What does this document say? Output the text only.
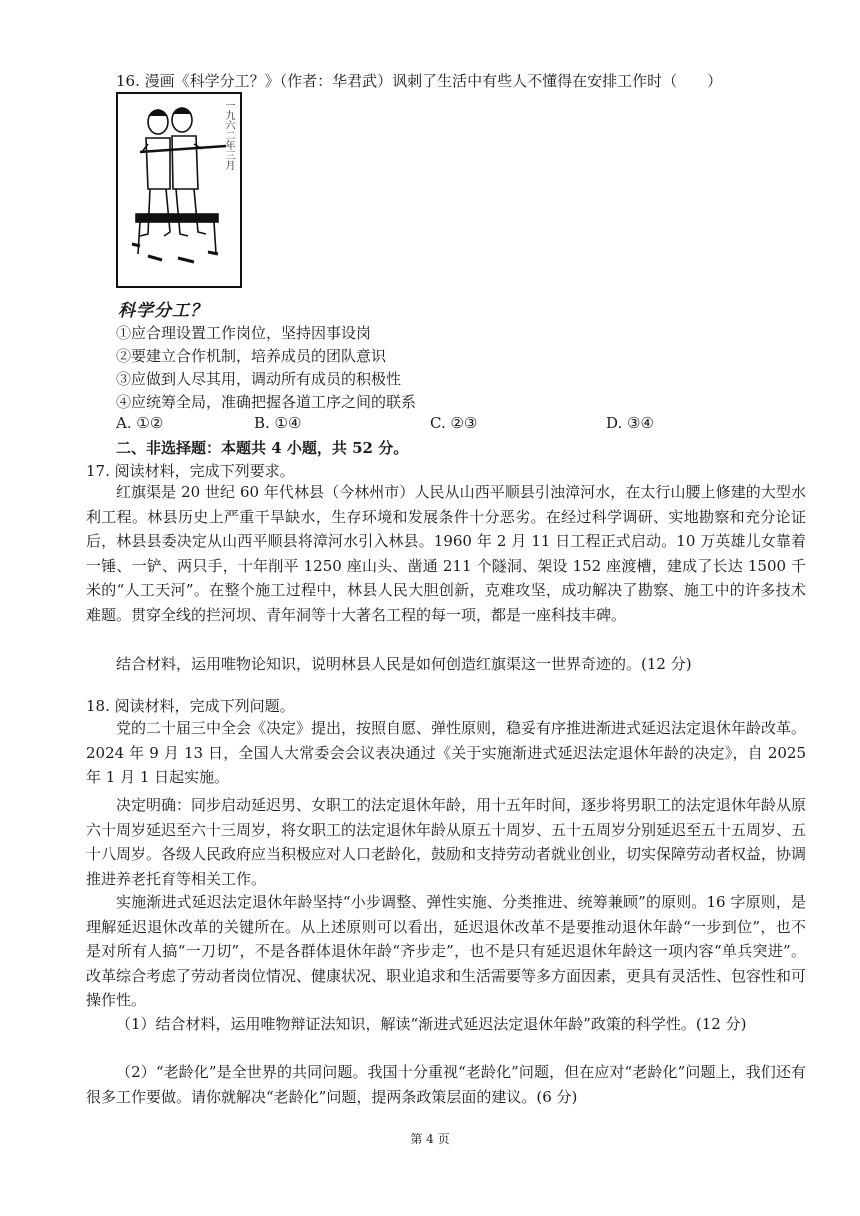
16. 漫画《科学分工？》（作者：华君武）讽刺了生活中有些人不懂得在安排工作时（　　）
一九六二年三月
科学分工？
①应合理设置工作岗位，坚持因事设岗
②要建立合作机制，培养成员的团队意识
③应做到人尽其用，调动所有成员的积极性
④应统筹全局，准确把握各道工序之间的联系
A. ①②	B. ①④	C. ②③	D. ③④
二、非选择题：本题共 4 小题，共 52 分。
17. 阅读材料，完成下列要求。
红旗渠是 20 世纪 60 年代林县（今林州市）人民从山西平顺县引浊漳河水，在太行山腰上修建的大型水利工程。林县历史上严重干旱缺水，生存环境和发展条件十分恶劣。在经过科学调研、实地勘察和充分论证后，林县县委决定从山西平顺县将漳河水引入林县。1960 年 2 月 11 日工程正式启动。10 万英雄儿女靠着一锤、一铲、两只手，十年削平 1250 座山头、凿通 211 个隧洞、架设 152 座渡槽，建成了长达 1500 千米的“人工天河”。在整个施工过程中，林县人民大胆创新，克难攻坚，成功解决了勘察、施工中的许多技术难题。贯穿全线的拦河坝、青年洞等十大著名工程的每一项，都是一座科技丰碑。
结合材料，运用唯物论知识，说明林县人民是如何创造红旗渠这一世界奇迹的。(12 分)
18. 阅读材料，完成下列问题。
党的二十届三中全会《决定》提出，按照自愿、弹性原则，稳妥有序推进渐进式延迟法定退休年龄改革。2024 年 9 月 13 日，全国人大常委会会议表决通过《关于实施渐进式延迟法定退休年龄的决定》，自 2025 年 1 月 1 日起实施。
决定明确：同步启动延迟男、女职工的法定退休年龄，用十五年时间，逐步将男职工的法定退休年龄从原六十周岁延迟至六十三周岁，将女职工的法定退休年龄从原五十周岁、五十五周岁分别延迟至五十五周岁、五十八周岁。各级人民政府应当积极应对人口老龄化，鼓励和支持劳动者就业创业，切实保障劳动者权益，协调推进养老托育等相关工作。
实施渐进式延迟法定退休年龄坚持“小步调整、弹性实施、分类推进、统筹兼顾”的原则。16 字原则，是理解延迟退休改革的关键所在。从上述原则可以看出，延迟退休改革不是要推动退休年龄“一步到位”，也不是对所有人搞“一刀切”，不是各群体退休年龄“齐步走”，也不是只有延迟退休年龄这一项内容“单兵突进”。改革综合考虑了劳动者岗位情况、健康状况、职业追求和生活需要等多方面因素，更具有灵活性、包容性和可操作性。
（1）结合材料，运用唯物辩证法知识，解读“渐进式延迟法定退休年龄”政策的科学性。(12 分)
（2）“老龄化”是全世界的共同问题。我国十分重视“老龄化”问题，但在应对“老龄化”问题上，我们还有很多工作要做。请你就解决“老龄化”问题，提两条政策层面的建议。(6 分)
第 4 页
